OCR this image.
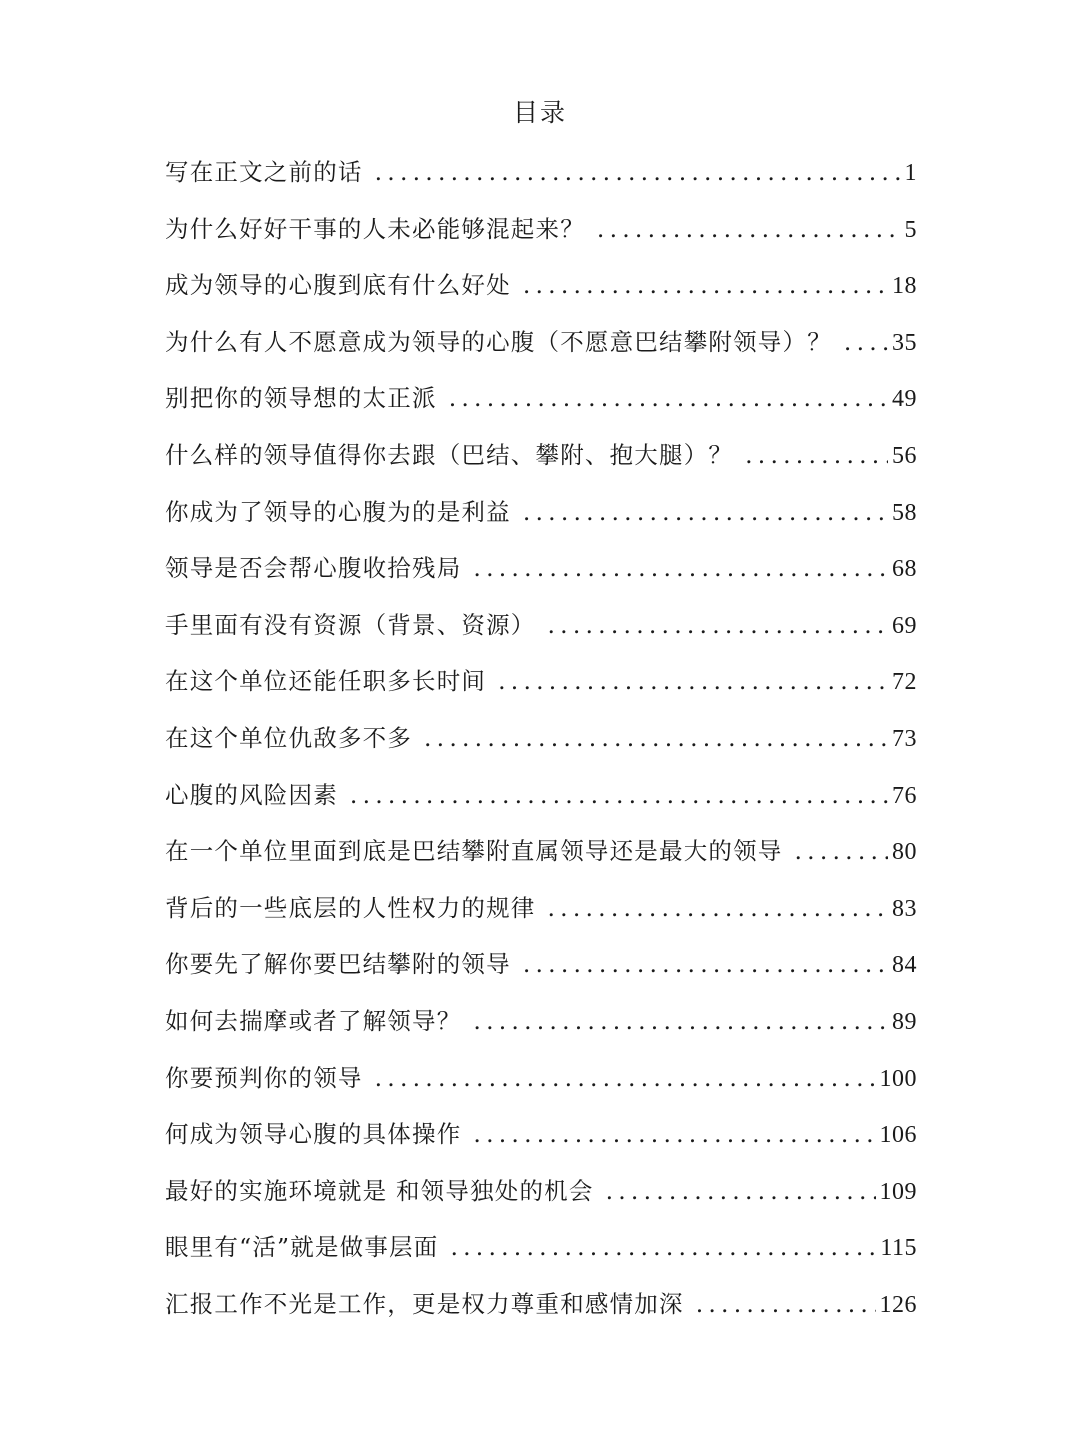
目录
写在正文之前的话 .....	1
为什么好好干事的人未必能够混起来？ .....	5
成为领导的心腹到底有什么好处 .....	18
为什么有人不愿意成为领导的心腹（不愿意巴结攀附领导）？ .....	35
别把你的领导想的太正派 .....	49
什么样的领导值得你去跟（巴结、攀附、抱大腿）？ .....	56
你成为了领导的心腹为的是利益 .....	58
领导是否会帮心腹收拾残局 .....	68
手里面有没有资源（背景、资源） .....	69
在这个单位还能任职多长时间 .....	72
在这个单位仇敌多不多 .....	73
心腹的风险因素 .....	76
在一个单位里面到底是巴结攀附直属领导还是最大的领导 .....	80
背后的一些底层的人性权力的规律 .....	83
你要先了解你要巴结攀附的领导 .....	84
如何去揣摩或者了解领导？ .....	89
你要预判你的领导 .....	100
何成为领导心腹的具体操作 .....	106
最好的实施环境就是 和领导独处的机会 .....	109
眼里有“活”就是做事层面 .....	115
汇报工作不光是工作，更是权力尊重和感情加深 .....	126
